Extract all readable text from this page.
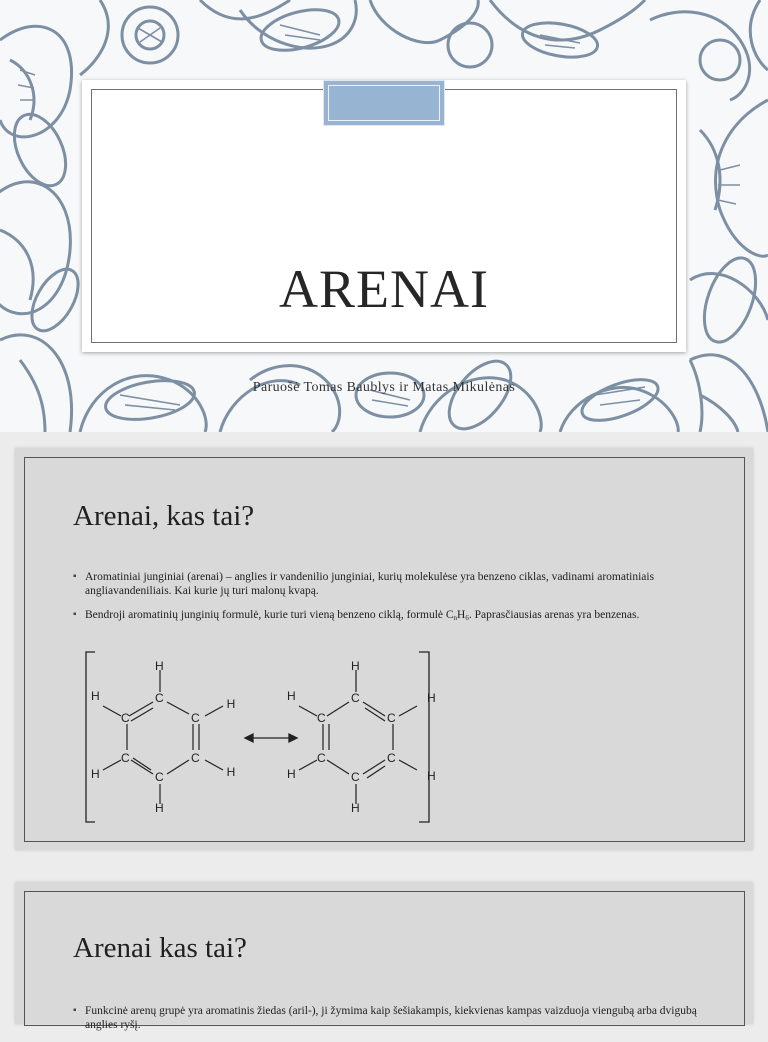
ARENAI

Paruošė Tomas Baublys ir Matas Mikulėnas

Arenai, kas tai?
▪ Aromatiniai junginiai (arenai) – anglies ir vandenilio junginiai, kurių molekulėse yra benzeno ciklas, vadinami aromatiniais angliavandeniliais. Kai kurie jų turi malonų kvapą.
▪ Bendroji aromatinių junginių formulė, kurie turi vieną benzeno ciklą, formulė $C_nH_6$. Paprasčiausias arenas yra benzenas.
H
C
C
H
C
H
C
H
C
H
C
H
H
C
C
H
C
H
C
H
C
H
C
H
Arenai kas tai?
▪ Funkcinė arenų grupė yra aromatinis žiedas (aril-), ji žymima kaip šešiakampis, kiekvienas kampas vaizduoja viengubą arba dvigubą anglies ryšį.
